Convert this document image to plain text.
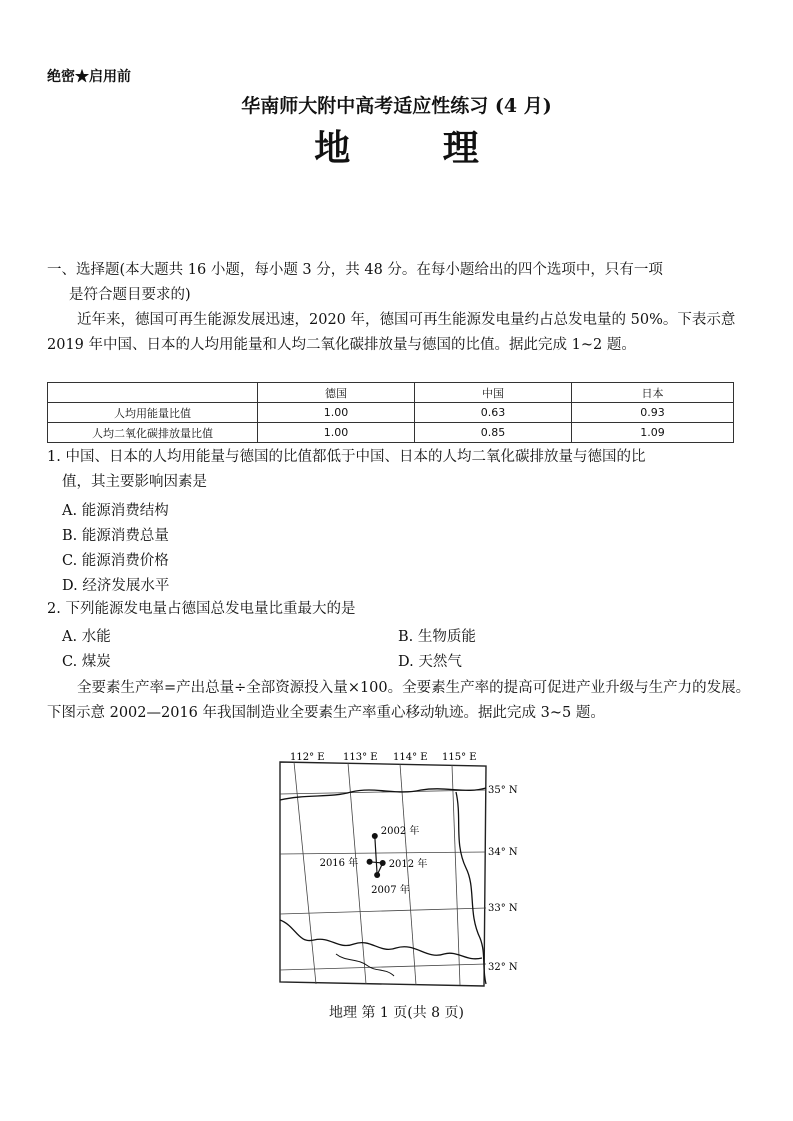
绝密★启用前
华南师大附中高考适应性练习 (4 月)
地 理
一、选择题(本大题共 16 小题，每小题 3 分，共 48 分。在每小题给出的四个选项中，只有一项
是符合题目要求的)
近年来，德国可再生能源发展迅速，2020 年，德国可再生能源发电量约占总发电量的 50%。下表示意 2019 年中国、日本的人均用能量和人均二氧化碳排放量与德国的比值。据此完成 1~2 题。
	德国	中国	日本
人均用能量比值	1.00	0.63	0.93
人均二氧化碳排放量比值	1.00	0.85	1.09
1. 中国、日本的人均用能量与德国的比值都低于中国、日本的人均二氧化碳排放量与德国的比
值，其主要影响因素是
A. 能源消费结构
B. 能源消费总量
C. 能源消费价格
D. 经济发展水平
2. 下列能源发电量占德国总发电量比重最大的是
A. 水能	B. 生物质能
C. 煤炭	D. 天然气
全要素生产率=产出总量÷全部资源投入量×100。全要素生产率的提高可促进产业升级与生产力的发展。下图示意 2002—2016 年我国制造业全要素生产率重心移动轨迹。据此完成 3~5 题。
112° E 113° E 114° E 115° E
35° N
34° N
33° N
32° N
2002 年
2012 年
2016 年
2007 年
地理 第 1 页(共 8 页)
